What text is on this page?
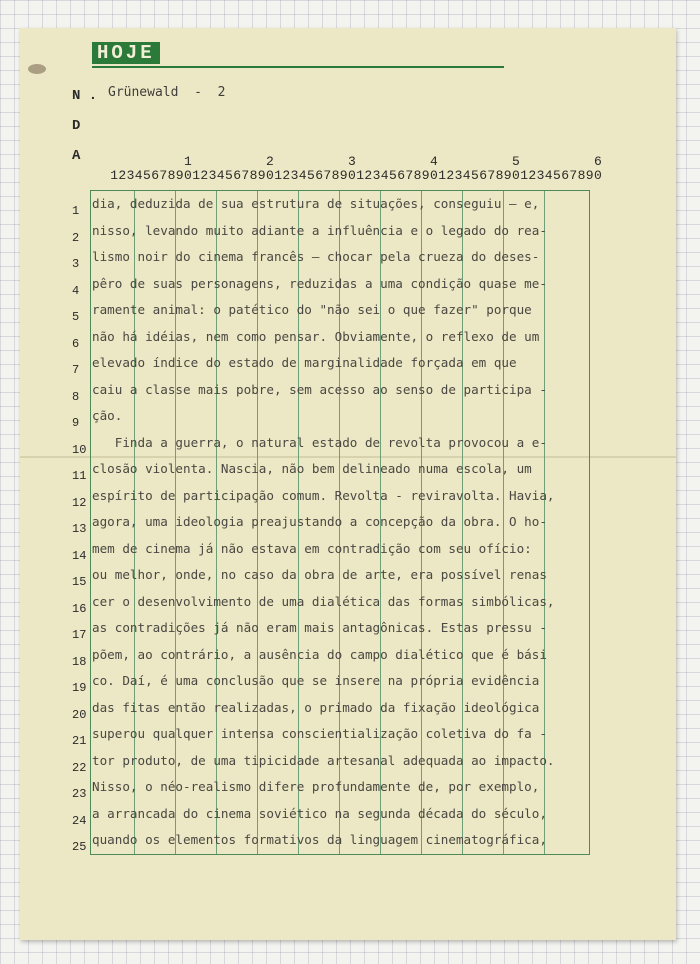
HOJE
N .
D
A
Grünewald  -  2
1 2 3 4 5 6 7 8 9 0 1 2 3 4 5 6 7 8 9 0 1 2 3 4 5 6 7 8 9 0 1 2 3 4 5 6 7 8 9 0 1 2 3 4 5 6 7 8 9 0 1 2 3 4 5 6 7 8 9 0
1	2	3	4	5	6
1
2
3
4
5
6
7
8
9
10
11
12
13
14
15
16
17
18
19
20
21
22
23
24
25
dia, deduzida de sua estrutura de situações, conseguiu — e,
nisso, levando muito adiante a influência e o legado do rea-
lismo noir do cinema francês — chocar pela crueza do deses-
pêro de suas personagens, reduzidas a uma condição quase me-
ramente animal: o patético do "não sei o que fazer" porque
não há idéias, nem como pensar. Obviamente, o reflexo de um
elevado índice do estado de marginalidade forçada em que
caiu a classe mais pobre, sem acesso ao senso de participa -
ção.
Finda a guerra, o natural estado de revolta provocou a e-
closão violenta. Nascia, não bem delineado numa escola, um
espírito de participação comum. Revolta - reviravolta. Havia,
agora, uma ideologia preajustando a concepção da obra. O ho-
mem de cinema já não estava em contradição com seu ofício:
ou melhor, onde, no caso da obra de arte, era possível renas
cer o desenvolvimento de uma dialética das formas simbólicas,
as contradições já não eram mais antagônicas. Estas pressu -
põem, ao contrário, a ausência do campo dialético que é bási
co. Daí, é uma conclusão que se insere na própria evidência
das fitas então realizadas, o primado da fixação ideológica
superou qualquer intensa conscientialização coletiva do fa -
tor produto, de uma tipicidade artesanal adequada ao impacto.
Nisso, o néo-realismo difere profundamente de, por exemplo,
a arrancada do cinema soviético na segunda década do século,
quando os elementos formativos da linguagem cinematográfica,
